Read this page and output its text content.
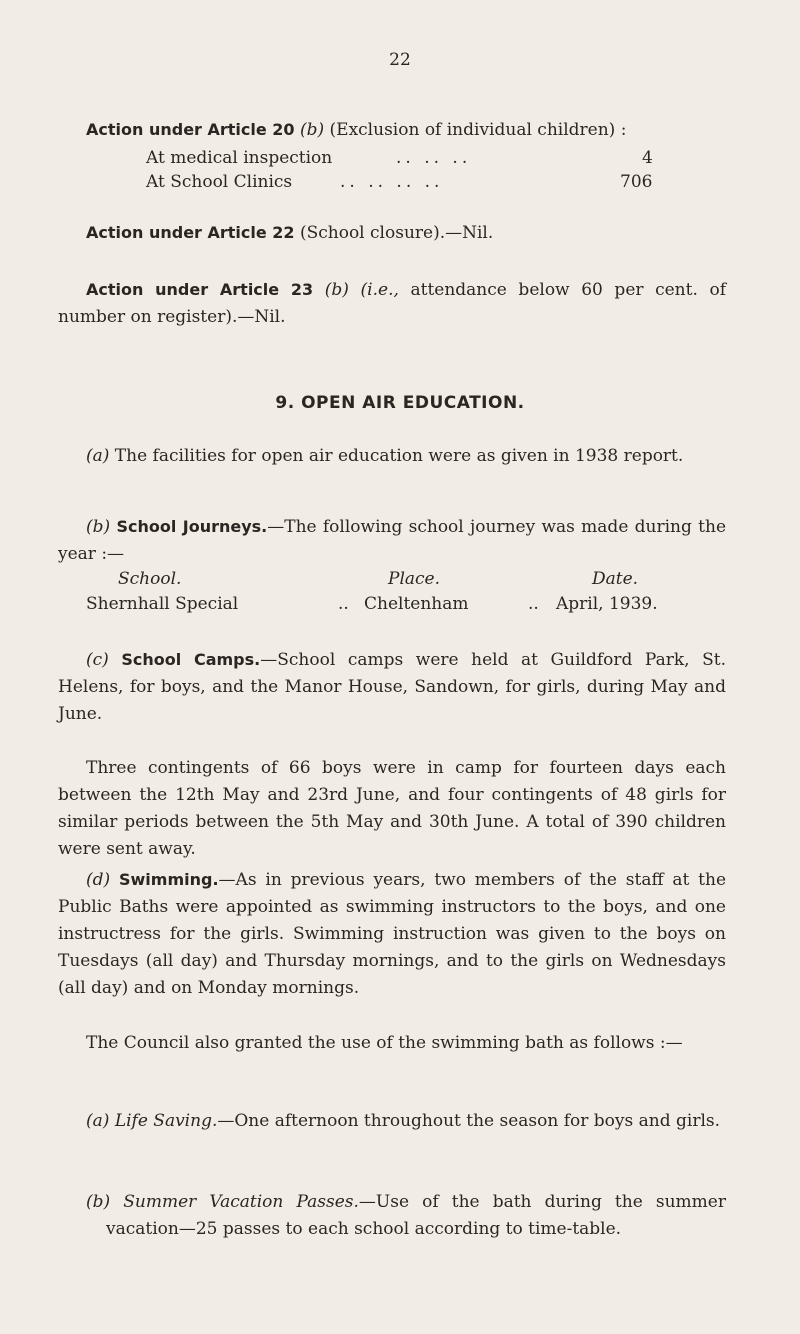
22

Action under Article 20 (b) (Exclusion of individual children) :

At medical inspection	.. .. ..	4
At School Clinics	.. .. .. ..	706

Action under Article 22 (School closure).—Nil.

Action under Article 23 (b) (i.e., attendance below 60 per cent. of number on register).—Nil.

9. OPEN AIR EDUCATION.

(a) The facilities for open air education were as given in 1938 report.

(b) School Journeys.—The following school journey was made during the year :—

School.	Place.	Date.
Shernhall Special	.. Cheltenham	.. April, 1939.

(c) School Camps.—School camps were held at Guildford Park, St. Helens, for boys, and the Manor House, Sandown, for girls, during May and June.

Three contingents of 66 boys were in camp for fourteen days each between the 12th May and 23rd June, and four contingents of 48 girls for similar periods between the 5th May and 30th June. A total of 390 children were sent away.

(d) Swimming.—As in previous years, two members of the staff at the Public Baths were appointed as swimming instructors to the boys, and one instructress for the girls. Swimming instruction was given to the boys on Tuesdays (all day) and Thursday mornings, and to the girls on Wednesdays (all day) and on Monday mornings.

The Council also granted the use of the swimming bath as follows :—

(a) Life Saving.—One afternoon throughout the season for boys and girls.

(b) Summer Vacation Passes.—Use of the bath during the summer vacation—25 passes to each school according to time-table.
